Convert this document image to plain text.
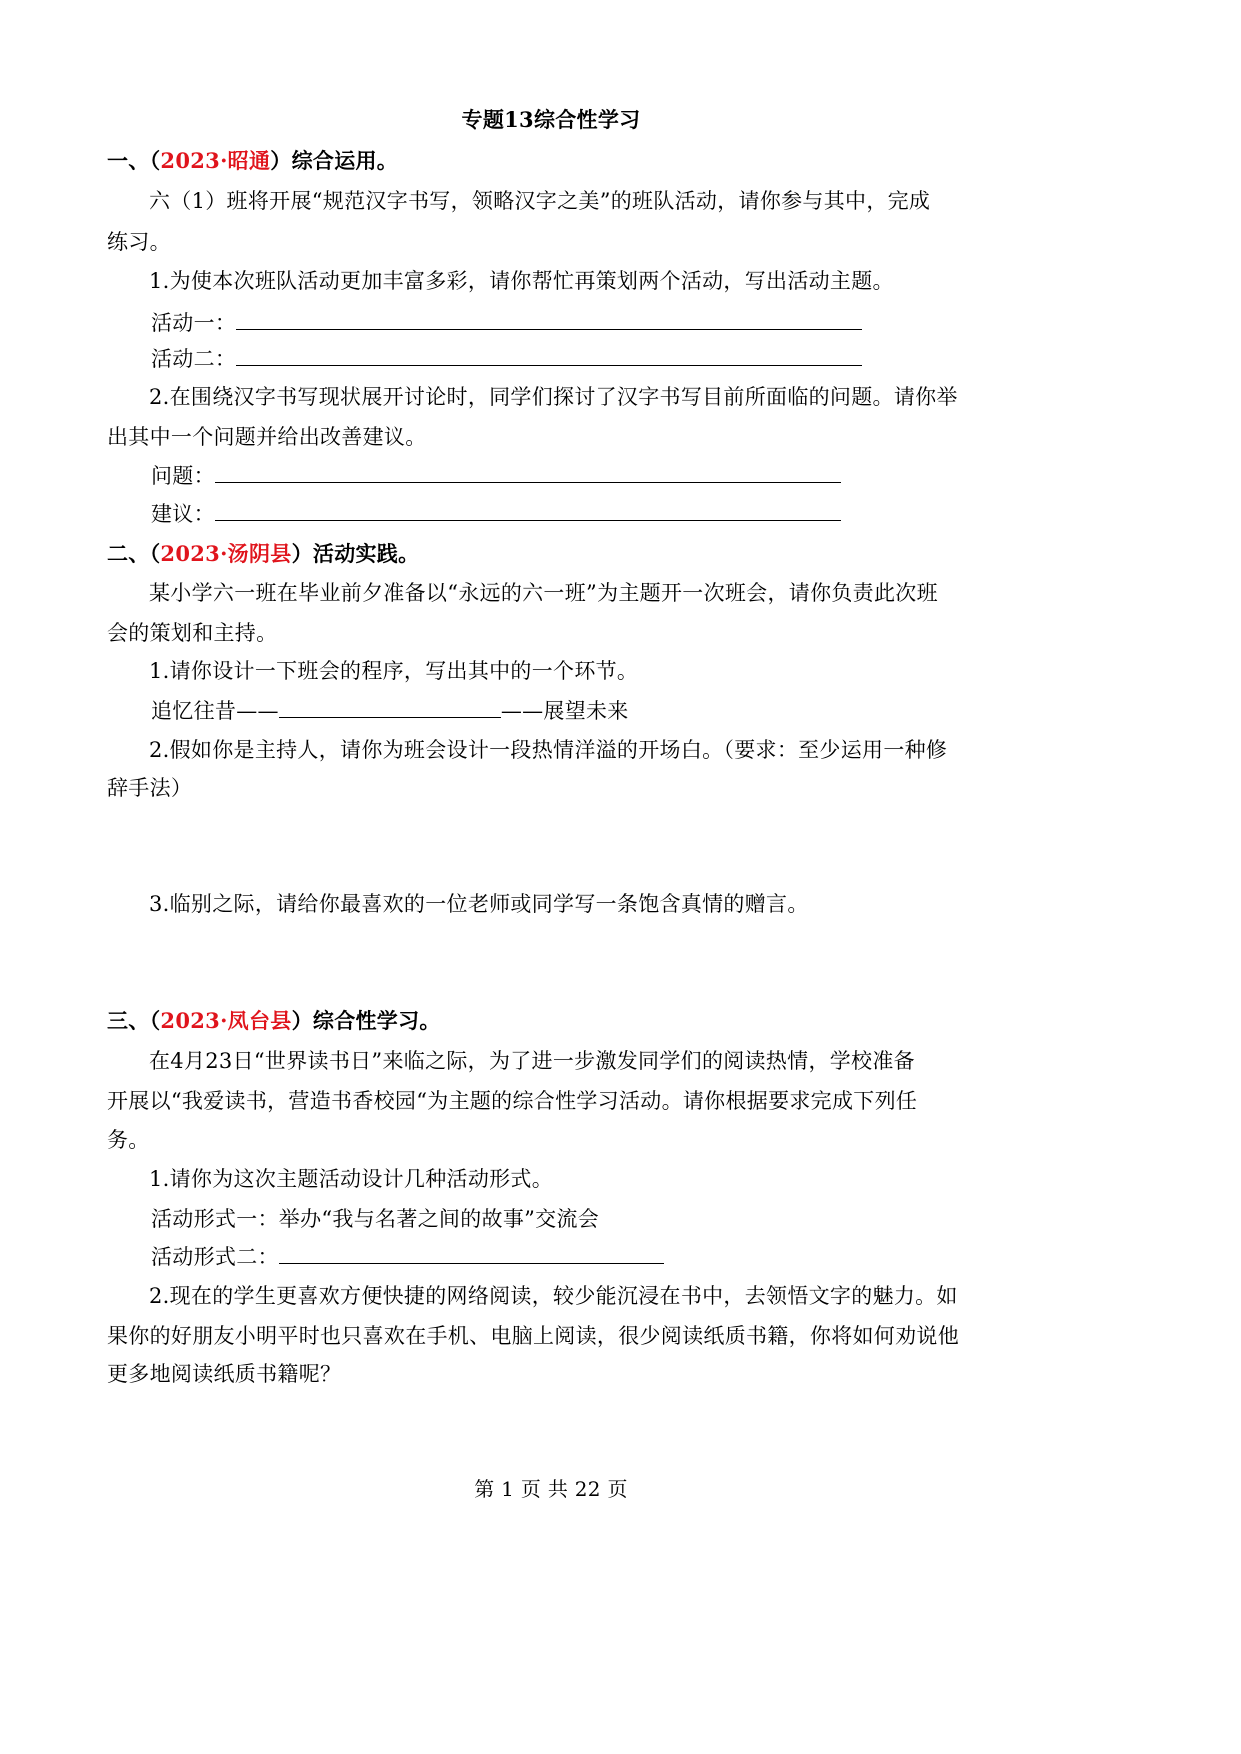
专题13综合性学习
一、（2023·昭通）综合运用。
六（1）班将开展“规范汉字书写，领略汉字之美”的班队活动，请你参与其中，完成
练习。
1.为使本次班队活动更加丰富多彩，请你帮忙再策划两个活动，写出活动主题。
活动一：
活动二：
2.在围绕汉字书写现状展开讨论时，同学们探讨了汉字书写目前所面临的问题。请你举
出其中一个问题并给出改善建议。
问题：
建议：
二、（2023·汤阴县）活动实践。
某小学六一班在毕业前夕准备以“永远的六一班”为主题开一次班会，请你负责此次班
会的策划和主持。
1.请你设计一下班会的程序，写出其中的一个环节。
追忆往昔——	——展望未来
2.假如你是主持人，请你为班会设计一段热情洋溢的开场白。（要求：至少运用一种修
辞手法）
3.临别之际，请给你最喜欢的一位老师或同学写一条饱含真情的赠言。
三、（2023·凤台县）综合性学习。
在4月23日“世界读书日”来临之际，为了进一步激发同学们的阅读热情，学校准备
开展以“我爱读书，营造书香校园“为主题的综合性学习活动。请你根据要求完成下列任
务。
1.请你为这次主题活动设计几种活动形式。
活动形式一：举办“我与名著之间的故事”交流会
活动形式二：
2.现在的学生更喜欢方便快捷的网络阅读，较少能沉浸在书中，去领悟文字的魅力。如
果你的好朋友小明平时也只喜欢在手机、电脑上阅读，很少阅读纸质书籍，你将如何劝说他
更多地阅读纸质书籍呢？
第 1 页 共 22 页
